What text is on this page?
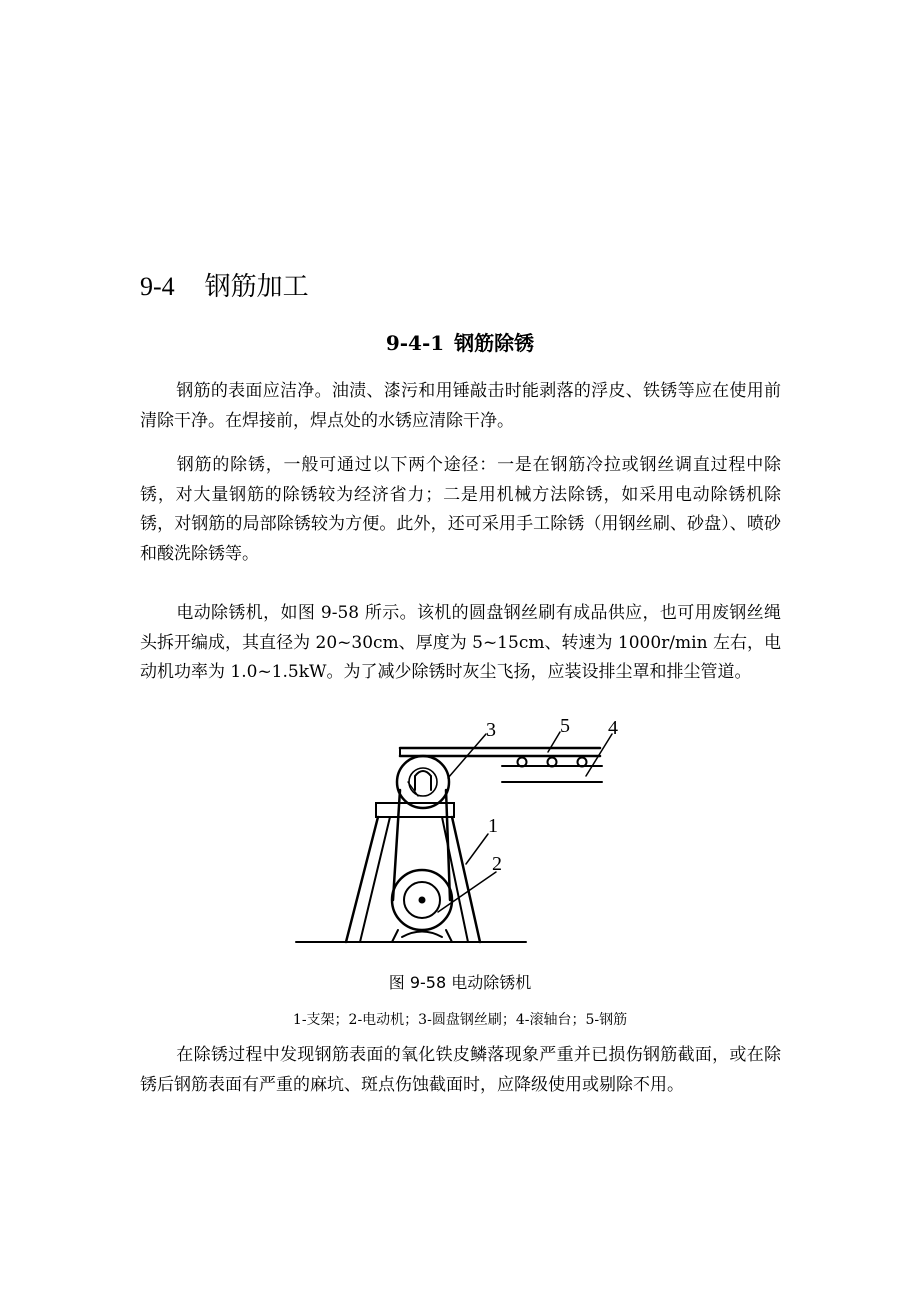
9-4 钢筋加工
9-4-1 钢筋除锈
钢筋的表面应洁净。油渍、漆污和用锤敲击时能剥落的浮皮、铁锈等应在使用前清除干净。在焊接前，焊点处的水锈应清除干净。
钢筋的除锈，一般可通过以下两个途径：一是在钢筋冷拉或钢丝调直过程中除锈，对大量钢筋的除锈较为经济省力；二是用机械方法除锈，如采用电动除锈机除锈，对钢筋的局部除锈较为方便。此外，还可采用手工除锈（用钢丝刷、砂盘）、喷砂和酸洗除锈等。
电动除锈机，如图 9-58 所示。该机的圆盘钢丝刷有成品供应，也可用废钢丝绳头拆开编成，其直径为 20~30cm、厚度为 5~15cm、转速为 1000r/min 左右，电动机功率为 1.0~1.5kW。为了减少除锈时灰尘飞扬，应装设排尘罩和排尘管道。
3	5 4
1
2
图 9-58 电动除锈机
1-支架；2-电动机；3-圆盘钢丝刷；4-滚轴台；5-钢筋
在除锈过程中发现钢筋表面的氧化铁皮鳞落现象严重并已损伤钢筋截面，或在除锈后钢筋表面有严重的麻坑、斑点伤蚀截面时，应降级使用或剔除不用。
